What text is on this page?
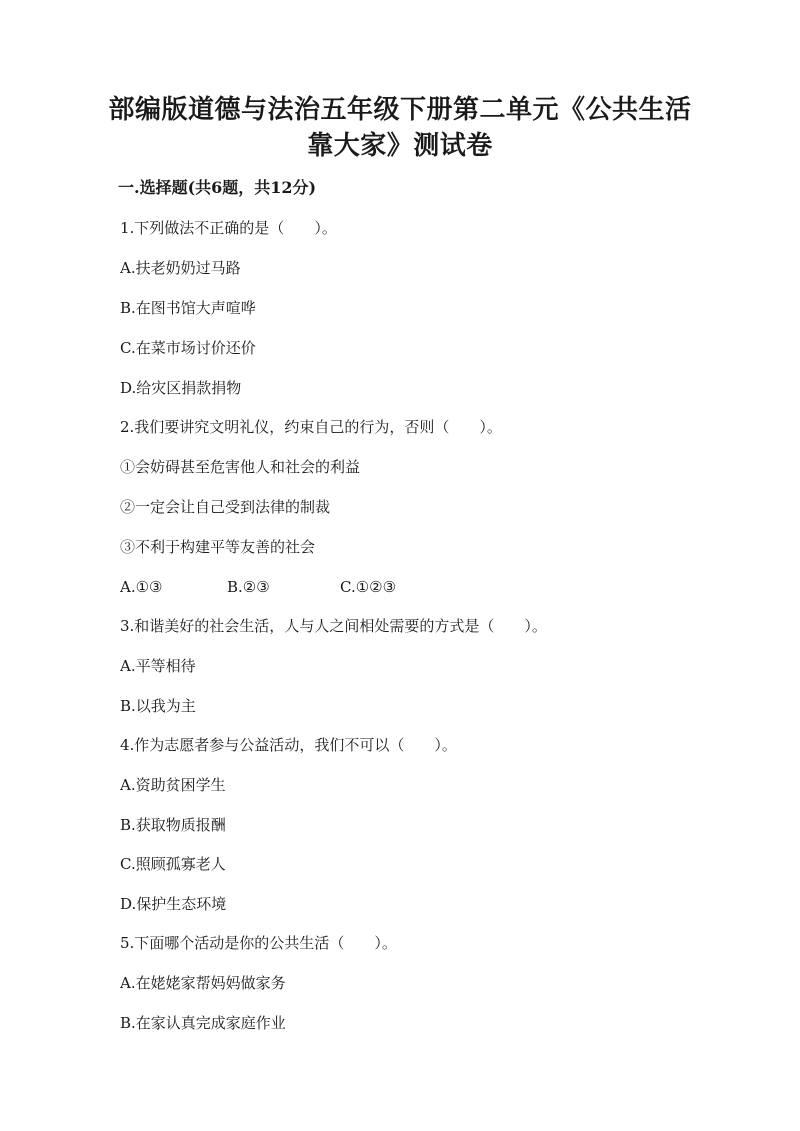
部编版道德与法治五年级下册第二单元《公共生活
靠大家》测试卷
一.选择题(共6题，共12分)
1.下列做法不正确的是（　　）。
A.扶老奶奶过马路
B.在图书馆大声喧哗
C.在菜市场讨价还价
D.给灾区捐款捐物
2.我们要讲究文明礼仪，约束自己的行为，否则（　　）。
①会妨碍甚至危害他人和社会的利益
②一定会让自己受到法律的制裁
③不利于构建平等友善的社会
A.①③	B.②③	C.①②③
3.和谐美好的社会生活，人与人之间相处需要的方式是（　　）。
A.平等相待
B.以我为主
4.作为志愿者参与公益活动，我们不可以（　　）。
A.资助贫困学生
B.获取物质报酬
C.照顾孤寡老人
D.保护生态环境
5.下面哪个活动是你的公共生活（　　）。
A.在姥姥家帮妈妈做家务
B.在家认真完成家庭作业
